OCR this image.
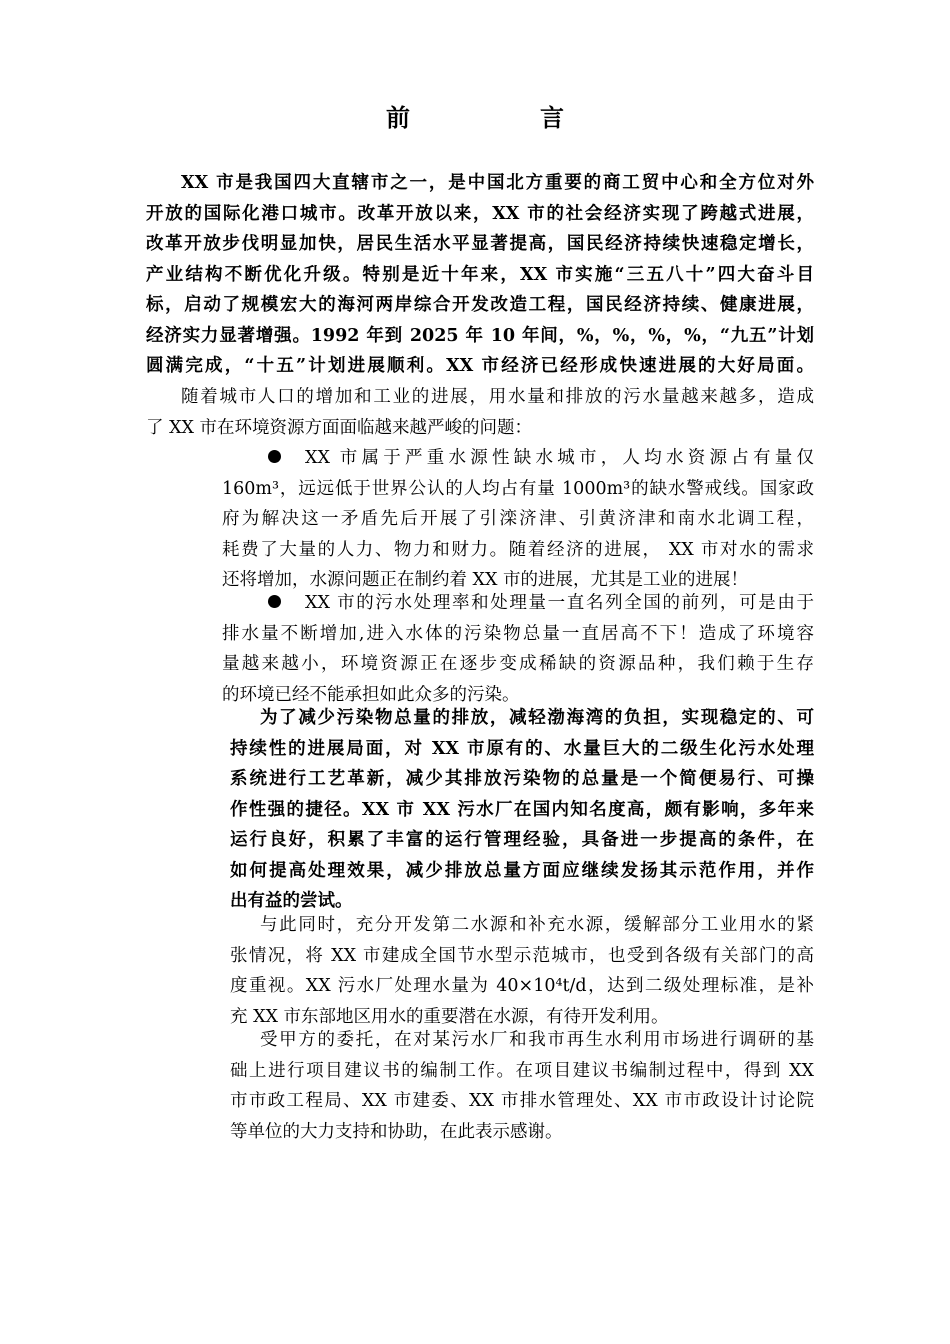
前	言
XX 市是我国四大直辖市之一，是中国北方重要的商工贸中心和全方位对外
开放的国际化港口城市。改革开放以来，XX 市的社会经济实现了跨越式进展，
改革开放步伐明显加快，居民生活水平显著提高，国民经济持续快速稳定增长，
产业结构不断优化升级。特别是近十年来，XX 市实施“三五八十”四大奋斗目
标，启动了规模宏大的海河两岸综合开发改造工程，国民经济持续、健康进展，
经济实力显著增强。1992 年到 2025 年 10 年间，%，%，%，%，“九五”计划
圆满完成，“十五”计划进展顺利。XX 市经济已经形成快速进展的大好局面。
随着城市人口的增加和工业的进展，用水量和排放的污水量越来越多，造成
了 XX 市在环境资源方面面临越来越严峻的问题：
XX 市属于严重水源性缺水城市，人均水资源占有量仅
160m³，远远低于世界公认的人均占有量 1000m³的缺水警戒线。国家政
府为解决这一矛盾先后开展了引滦济津、引黄济津和南水北调工程，
耗费了大量的人力、物力和财力。随着经济的进展， XX 市对水的需求
还将增加，水源问题正在制约着 XX 市的进展，尤其是工业的进展！
XX 市的污水处理率和处理量一直名列全国的前列，可是由于
排水量不断增加,进入水体的污染物总量一直居高不下！造成了环境容
量越来越小，环境资源正在逐步变成稀缺的资源品种，我们赖于生存
的环境已经不能承担如此众多的污染。
为了减少污染物总量的排放，减轻渤海湾的负担，实现稳定的、可
持续性的进展局面，对 XX 市原有的、水量巨大的二级生化污水处理
系统进行工艺革新，减少其排放污染物的总量是一个简便易行、可操
作性强的捷径。XX 市 XX 污水厂在国内知名度高，颇有影响，多年来
运行良好，积累了丰富的运行管理经验，具备进一步提高的条件，在
如何提高处理效果，减少排放总量方面应继续发扬其示范作用，并作
出有益的尝试。
与此同时，充分开发第二水源和补充水源，缓解部分工业用水的紧
张情况，将 XX 市建成全国节水型示范城市，也受到各级有关部门的高
度重视。XX 污水厂处理水量为 40×10⁴t/d，达到二级处理标准，是补
充 XX 市东部地区用水的重要潜在水源，有待开发利用。
受甲方的委托，在对某污水厂和我市再生水利用市场进行调研的基
础上进行项目建议书的编制工作。在项目建议书编制过程中，得到 XX
市市政工程局、XX 市建委、XX 市排水管理处、XX 市市政设计讨论院
等单位的大力支持和协助，在此表示感谢。
